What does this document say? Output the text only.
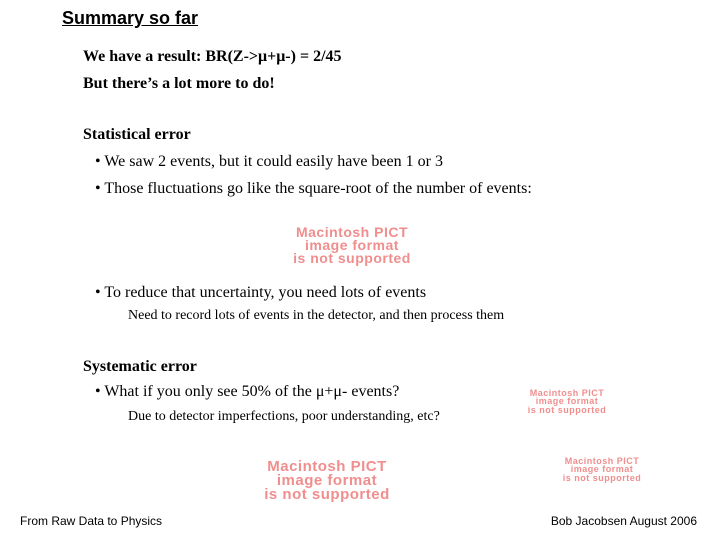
Summary so far
We have a result: BR(Z->μ+μ-) = 2/45
But there’s a lot more to do!
Statistical error
• We saw 2 events, but it could easily have been 1 or 3
• Those fluctuations go like the square-root of the number of events:
Macintosh PICT
image format
is not supported
• To reduce that uncertainty, you need lots of events
Need to record lots of events in the detector, and then process them
Systematic error
• What if you only see 50% of the μ+μ- events?	Macintosh PICT
image format
is not supported
Due to detector imperfections, poor understanding, etc?
Macintosh PICT
image format
is not supported
Macintosh PICT
image format
is not supported
From Raw Data to Physics	Bob Jacobsen August 2006
